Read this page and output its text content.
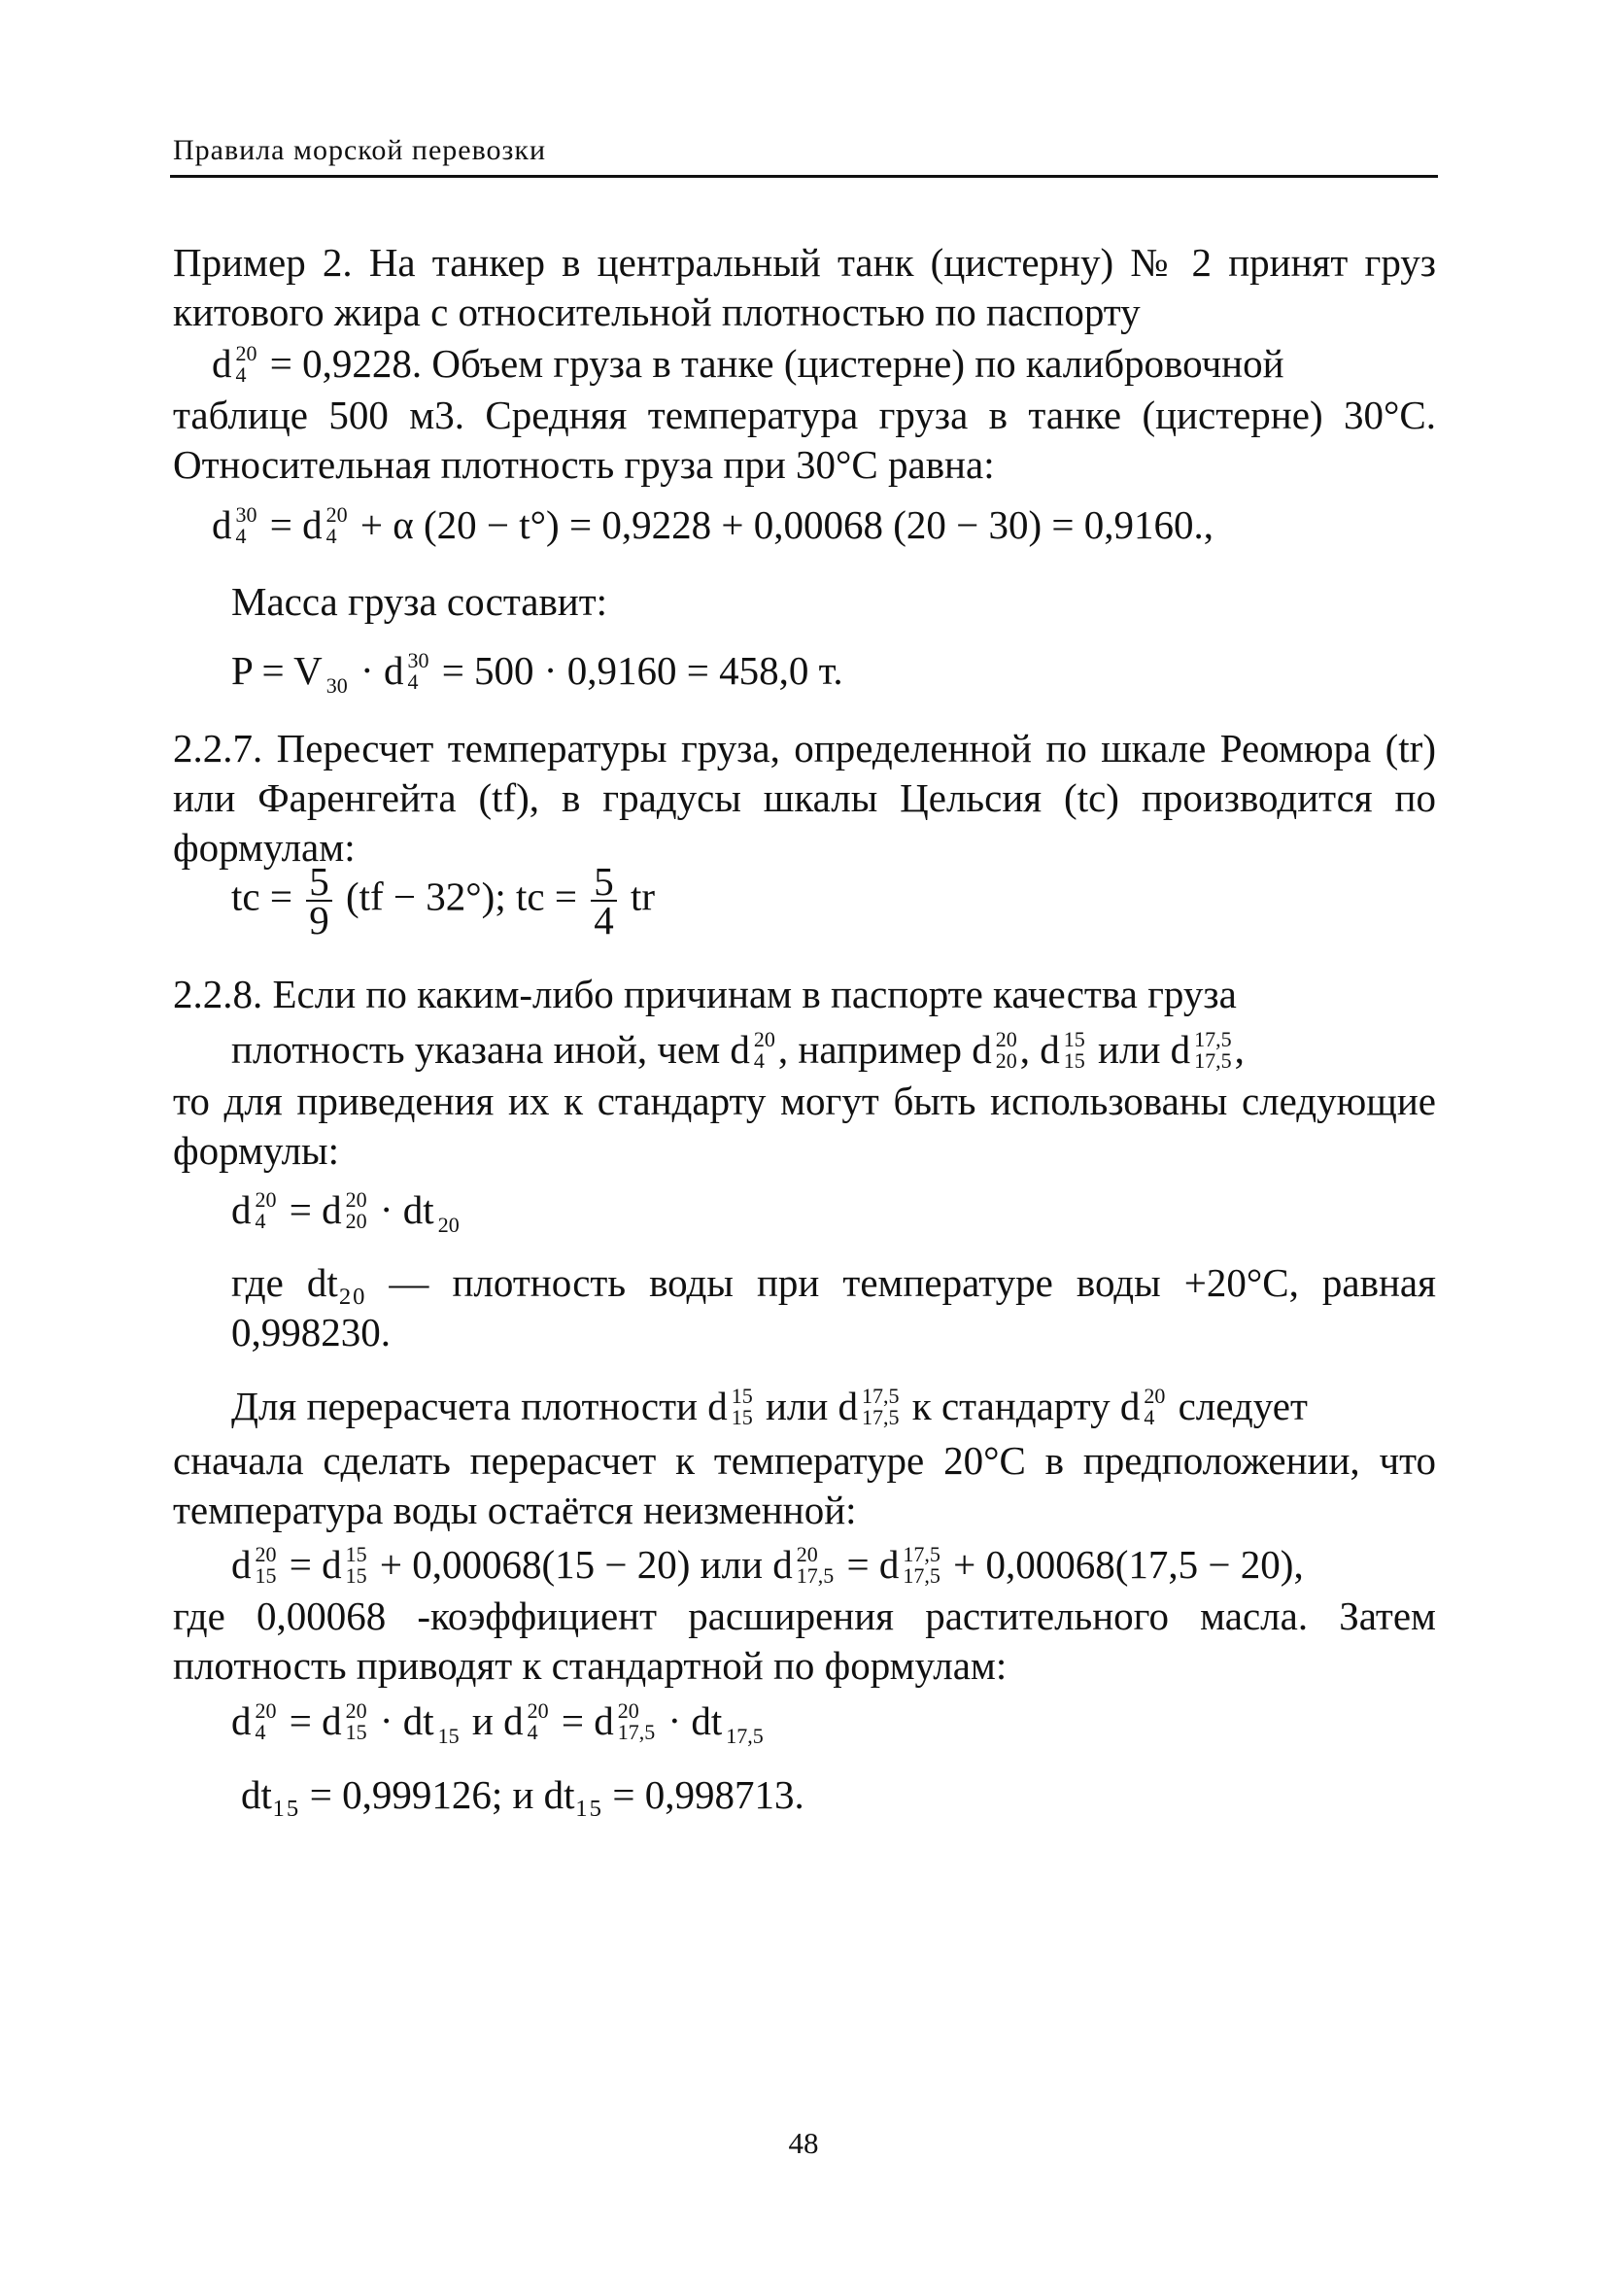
Правила морской перевозки
Пример 2. На танкер в центральный танк (цистерну) № 2 принят груз китового жира с относительной плотностью по паспорту
d 20
4 = 0,9228. Объем груза в танке (цистерне) по калибровочной
таблице 500 м3. Средняя температура груза в танке (цистерне) 30°С. Относительная плотность груза при 30°С равна:
d 30
4 = d 20
4 + α (20 − t°) = 0,9228 + 0,00068 (20 − 30) = 0,9160.,
Масса груза составит:
P = V
30 · d 30
4 = 500 · 0,9160 = 458,0 т.
2.2.7. Пересчет температуры груза, определенной по шкале Реомюра (tr) или Фаренгейта (tf), в градусы шкалы Цельсия (tc) производится по формулам:
tc = $\frac{5}{9} (tf - 32^\circ)$; tc = $\frac{5}{4}$ tr
2.2.8. Если по каким-либо причинам в паспорте качества груза
плотность указана иной, чем d 20
4 , например d 20
20 , d 15
15 или d 17,5
17,5 ,
то для приведения их к стандарту могут быть использованы следующие формулы:
d 20
4 = d 20
20 · dt
20
где dt₂₀ — плотность воды при температуре воды +20°С, равная 0,998230.
Для перерасчета плотности d 15
15 или d 17,5
17,5 к стандарту d 20
4 следует
сначала сделать перерасчет к температуре 20°С в предположении, что температура воды остаётся неизменной:
d 20
15 = d 15
15 + 0,00068(15 − 20) или d 20
17,5 = d 17,5
17,5 + 0,00068(17,5 − 20),
где 0,00068 -коэффициент расширения растительного масла. Затем плотность приводят к стандартной по формулам:
d 20
4 = d 20
15 · dt
15 и d 20
4 = d 20
17,5 · dt
17,5
dt₁₅ = 0,999126; и dt₁₅ = 0,998713.
48
